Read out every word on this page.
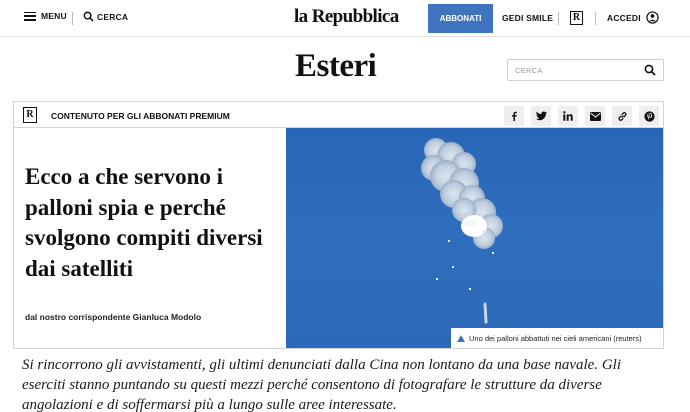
MENU	CERCA	la Repubblica	ABBONATI	GEDI SMILE R	ACCEDI
Esteri
CERCA
R	CONTENUTO PER GLI ABBONATI PREMIUM
Ecco a che servono i palloni spia e perché svolgono compiti diversi dai satelliti

dal nostro corrispondente Gianluca Modolo

Uno dei palloni abbattuti nei cieli americani (reuters)

Si rincorrono gli avvistamenti, gli ultimi denunciati dalla Cina non lontano da una base navale. Gli eserciti stanno puntando su questi mezzi perché consentono di fotografare le strutture da diverse angolazioni e di soffermarsi più a lungo sulle aree interessate.
